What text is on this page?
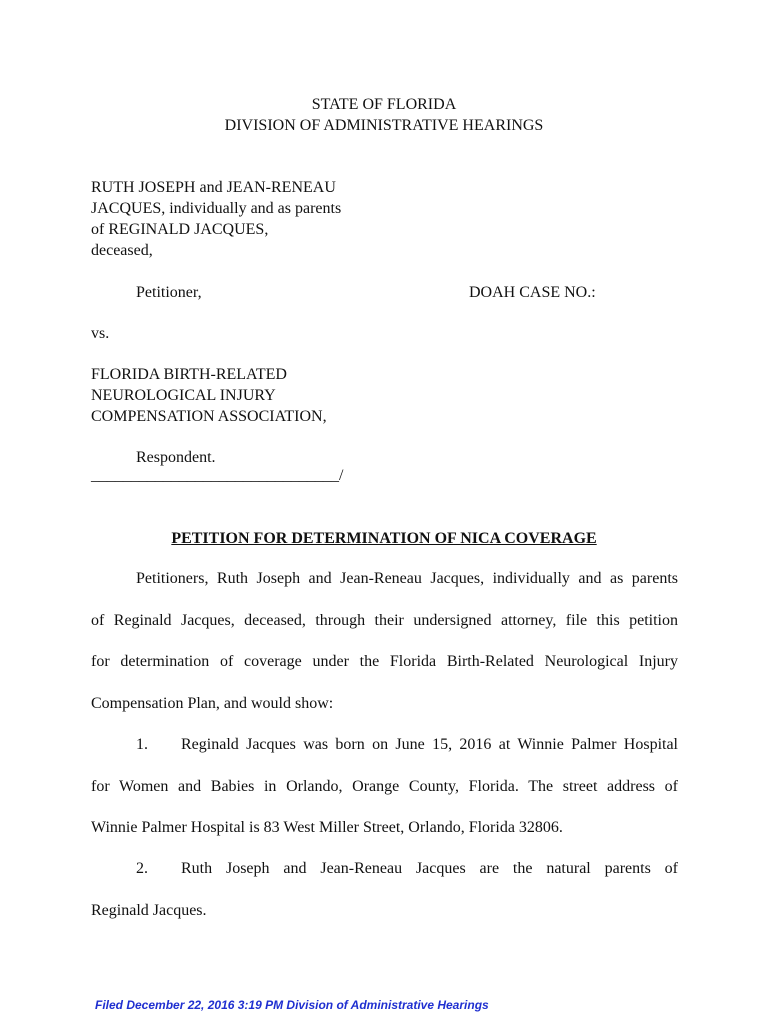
STATE OF FLORIDA
DIVISION OF ADMINISTRATIVE HEARINGS
RUTH JOSEPH and JEAN-RENEAU
JACQUES, individually and as parents
of REGINALD JACQUES,
deceased,
Petitioner,	DOAH CASE NO.:
vs.
FLORIDA BIRTH-RELATED
NEUROLOGICAL INJURY
COMPENSATION ASSOCIATION,
Respondent.
_______________________________/
PETITION FOR DETERMINATION OF NICA COVERAGE
Petitioners, Ruth Joseph and Jean-Reneau Jacques, individually and as parents
of Reginald Jacques, deceased, through their undersigned attorney, file this petition
for determination of coverage under the Florida Birth-Related Neurological Injury
Compensation Plan, and would show:
1.	Reginald Jacques was born on June 15, 2016 at Winnie Palmer Hospital
for Women and Babies in Orlando, Orange County, Florida. The street address of
Winnie Palmer Hospital is 83 West Miller Street, Orlando, Florida 32806.
2.	Ruth Joseph and Jean-Reneau Jacques are the natural parents of
Reginald Jacques.
Filed December 22, 2016 3:19 PM Division of Administrative Hearings
